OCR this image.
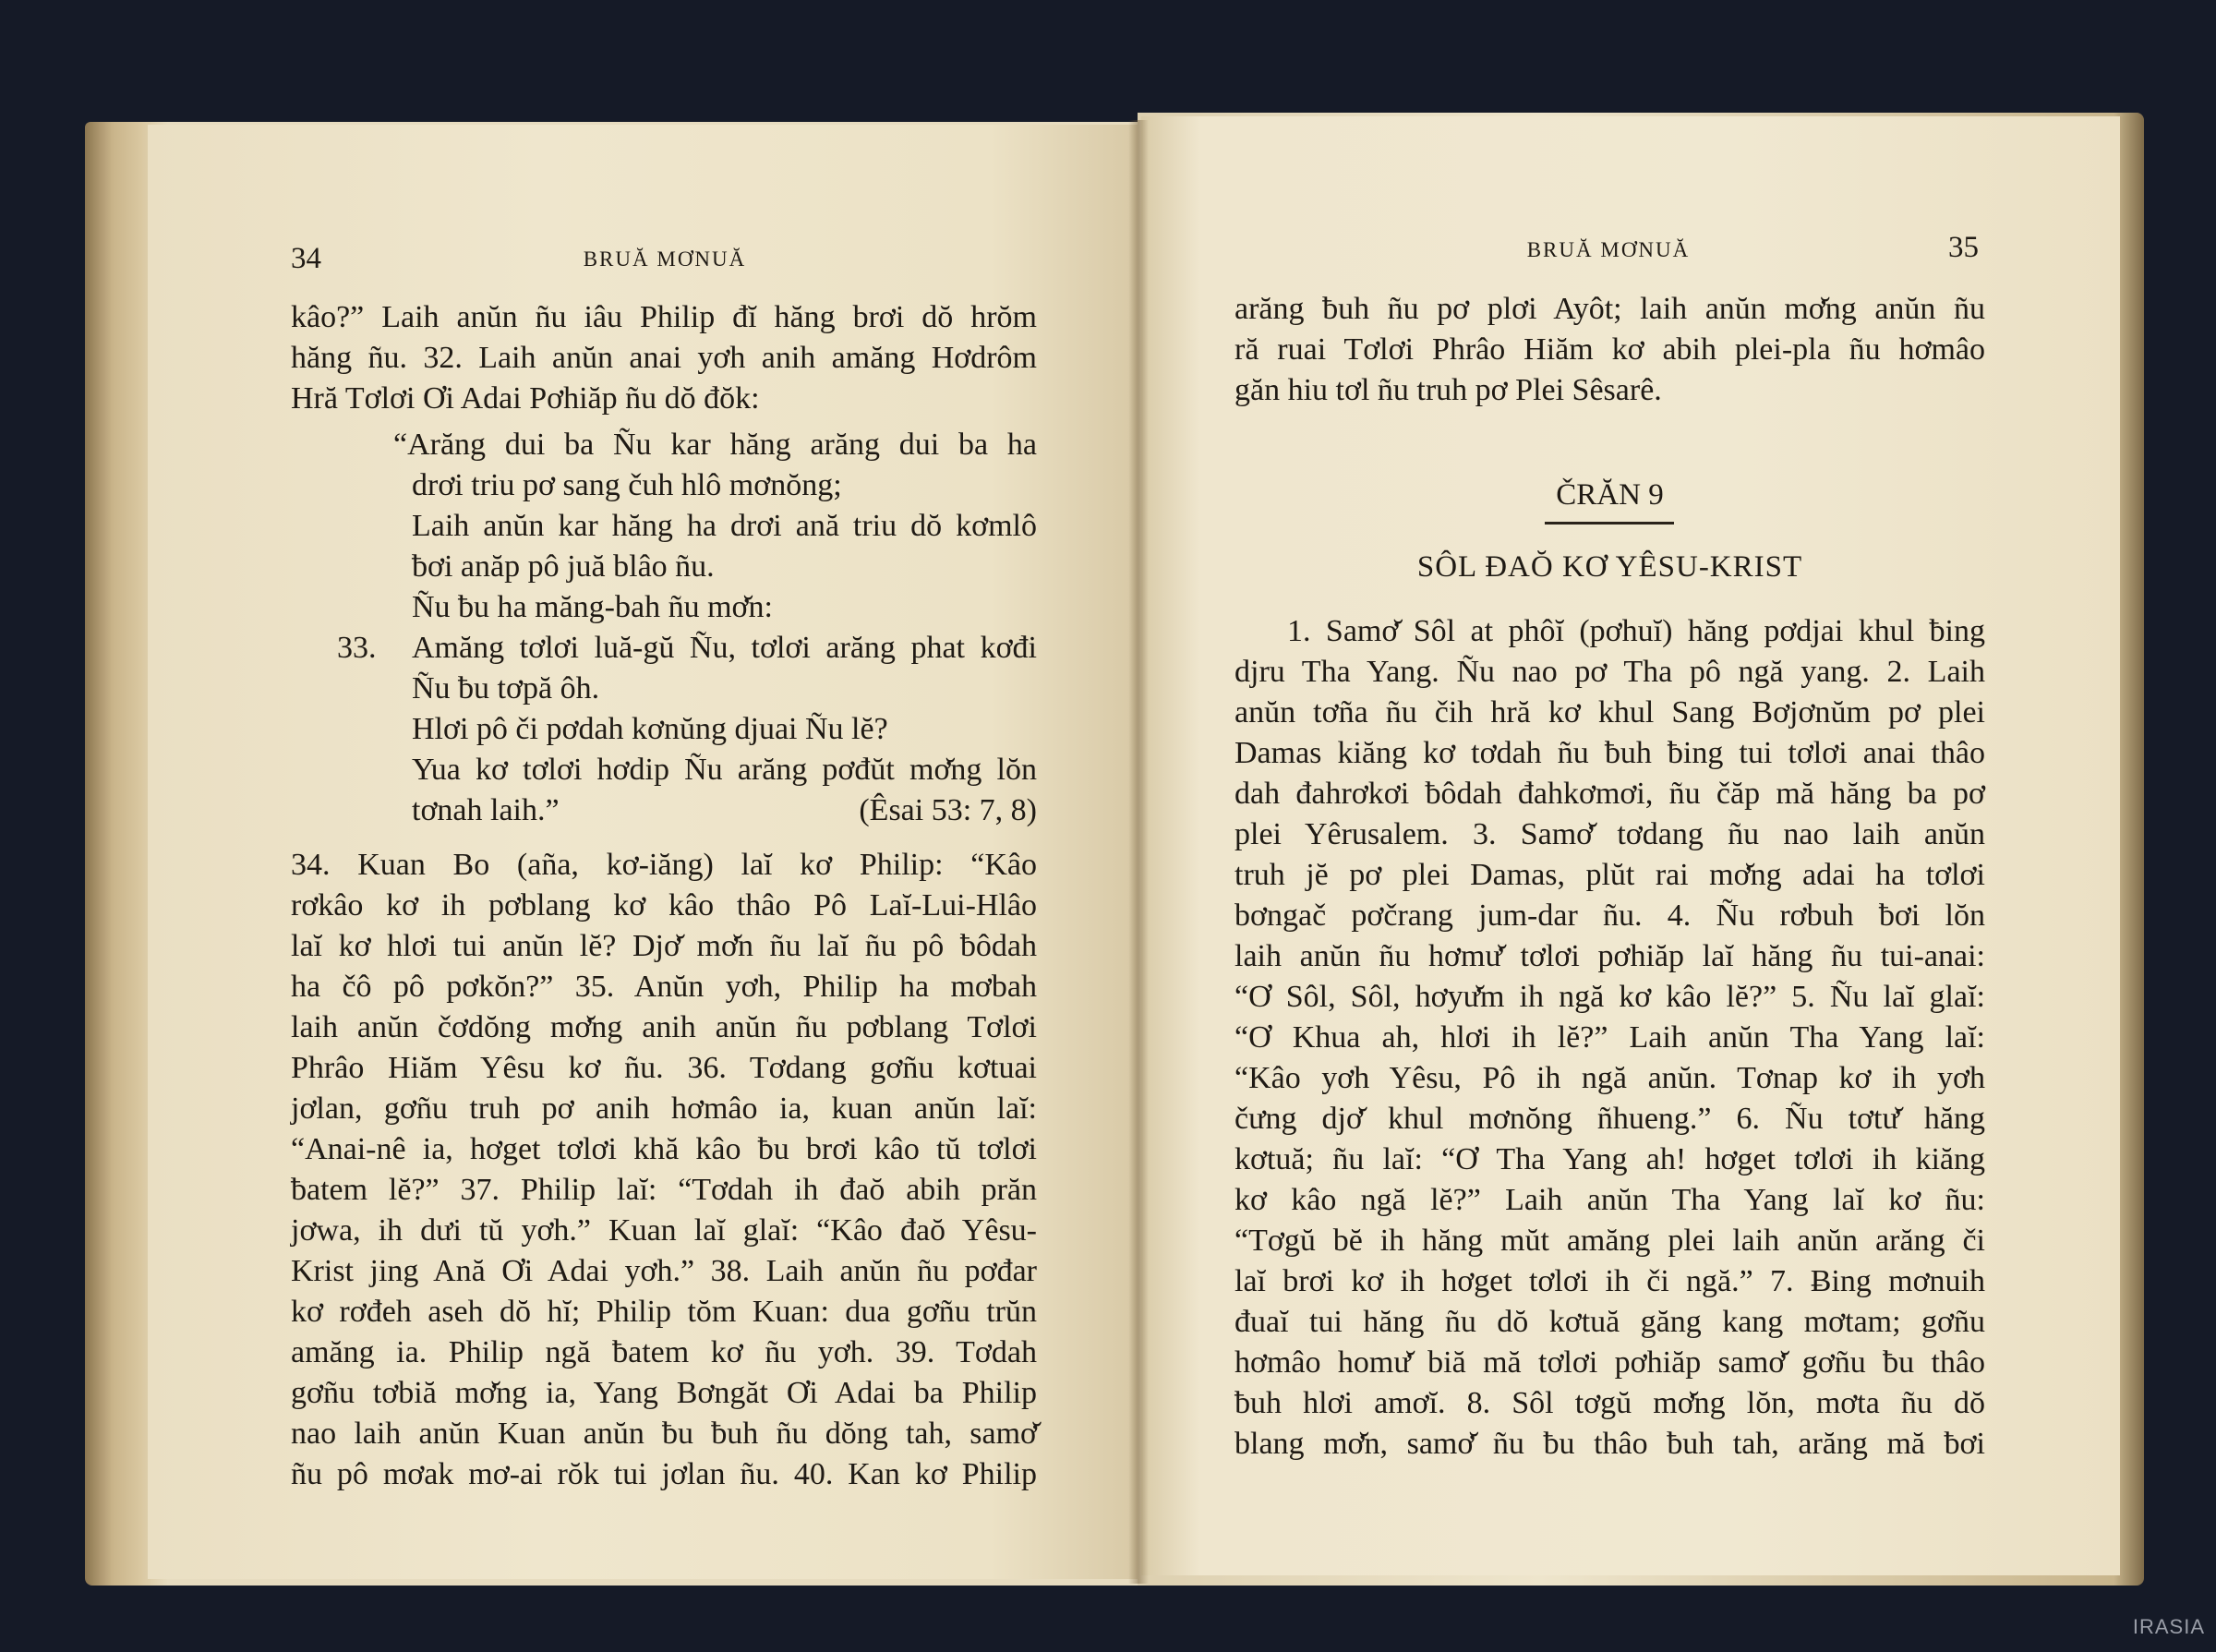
34	BRUĂ MƠNUĂ	BRUĂ MƠNUĂ	35
kâo?” Laih anŭn ñu iâu Philip đĭ hăng brơi dŏ hrŏm
hăng ñu. 32. Laih anŭn anai yơh anih amăng Hơdrôm
Hră Tơlơi Ơi Adai Pơhiăp ñu dŏ đŏk:
“Arăng dui ba Ñu kar hăng arăng dui ba ha
drơi triu pơ sang čuh hlô mơnŏng;
Laih anŭn kar hăng ha drơi ană triu dŏ kơmlô
ƀơi anăp pô juă blâo ñu.
Ñu ƀu ha măng-bah ñu mơ̆n:
Amăng tơlơi luă-gŭ Ñu, tơlơi arăng phat kơđi
Ñu ƀu tơpă ôh.
Hlơi pô či pơdah kơnŭng djuai Ñu lĕ?
Yua kơ tơlơi hơdip Ñu arăng pơđŭt mơ̆ng lŏn
tơnah laih.”
33.
(Êsai 53: 7, 8)
34. Kuan Bo (aña, kơ-iăng) laĭ kơ Philip: “Kâo
rơkâo kơ ih pơblang kơ kâo thâo Pô Laĭ-Lui-Hlâo
laĭ kơ hlơi tui anŭn lĕ? Djơ̆ mơ̆n ñu laĭ ñu pô ƀôdah
ha čô pô pơkŏn?” 35. Anŭn yơh, Philip ha mơbah
laih anŭn čơdŏng mơ̆ng anih anŭn ñu pơblang Tơlơi
Phrâo Hiăm Yêsu kơ ñu. 36. Tơdang gơñu kơtuai
jơlan, gơñu truh pơ anih hơmâo ia, kuan anŭn laĭ:
“Anai-nê ia, hơget tơlơi khă kâo ƀu brơi kâo tŭ tơlơi
ƀatem lĕ?” 37. Philip laĭ: “Tơdah ih đaŏ abih prăn
jơwa, ih dưi tŭ yơh.” Kuan laĭ glaĭ: “Kâo đaŏ Yêsu-
Krist jing Ană Ơi Adai yơh.” 38. Laih anŭn ñu pơđar
kơ rơđeh aseh dŏ hĭ; Philip tŏm Kuan: dua gơñu trŭn
amăng ia. Philip ngă ƀatem kơ ñu yơh. 39. Tơdah
gơñu tơbiă mơ̆ng ia, Yang Bơngăt Ơi Adai ba Philip
nao laih anŭn Kuan anŭn ƀu ƀuh ñu dŏng tah, samơ̆
ñu pô mơak mơ-ai rŏk tui jơlan ñu. 40. Kan kơ Philip
arăng ƀuh ñu pơ plơi Ayôt; laih anŭn mơ̆ng anŭn ñu
ră ruai Tơlơi Phrâo Hiăm kơ abih plei-pla ñu hơmâo
găn hiu tơl ñu truh pơ Plei Sêsarê.
ČRĂN 9
SÔL ĐAŎ KƠ YÊSU-KRIST
1. Samơ̆ Sôl at phôĭ (pơhuĭ) hăng pơdjai khul ƀing
djru Tha Yang. Ñu nao pơ Tha pô ngă yang. 2. Laih
anŭn tơña ñu čih hră kơ khul Sang Bơjơnŭm pơ plei
Damas kiăng kơ tơdah ñu ƀuh ƀing tui tơlơi anai thâo
dah đahrơkơi ƀôdah đahkơmơi, ñu čăp mă hăng ba pơ
plei Yêrusalem. 3. Samơ̆ tơdang ñu nao laih anŭn
truh jĕ pơ plei Damas, plŭt rai mơ̆ng adai ha tơlơi
bơngač pơčrang jum-dar ñu. 4. Ñu rơbuh ƀơi lŏn
laih anŭn ñu hơmư̆ tơlơi pơhiăp laĭ hăng ñu tui-anai:
“Ơ Sôl, Sôl, hơyư̆m ih ngă kơ kâo lĕ?” 5. Ñu laĭ glaĭ:
“Ơ Khua ah, hlơi ih lĕ?” Laih anŭn Tha Yang laĭ:
“Kâo yơh Yêsu, Pô ih ngă anŭn. Tơnap kơ ih yơh
čưng djơ̆ khul mơnŏng ñhueng.” 6. Ñu tơtư̆ hăng
kơtuă; ñu laĭ: “Ơ Tha Yang ah! hơget tơlơi ih kiăng
kơ kâo ngă lĕ?” Laih anŭn Tha Yang laĭ kơ ñu:
“Tơgŭ bĕ ih hăng mŭt amăng plei laih anŭn arăng či
laĭ brơi kơ ih hơget tơlơi ih či ngă.” 7. Ƀing mơnuih
đuaĭ tui hăng ñu dŏ kơtuă găng kang mơtam; gơñu
hơmâo homư̆ biă mă tơlơi pơhiăp samơ̆ gơñu ƀu thâo
ƀuh hlơi amơĭ. 8. Sôl tơgŭ mơ̆ng lŏn, mơta ñu dŏ
blang mơ̆n, samơ̆ ñu ƀu thâo ƀuh tah, arăng mă ƀơi
IRASIA
